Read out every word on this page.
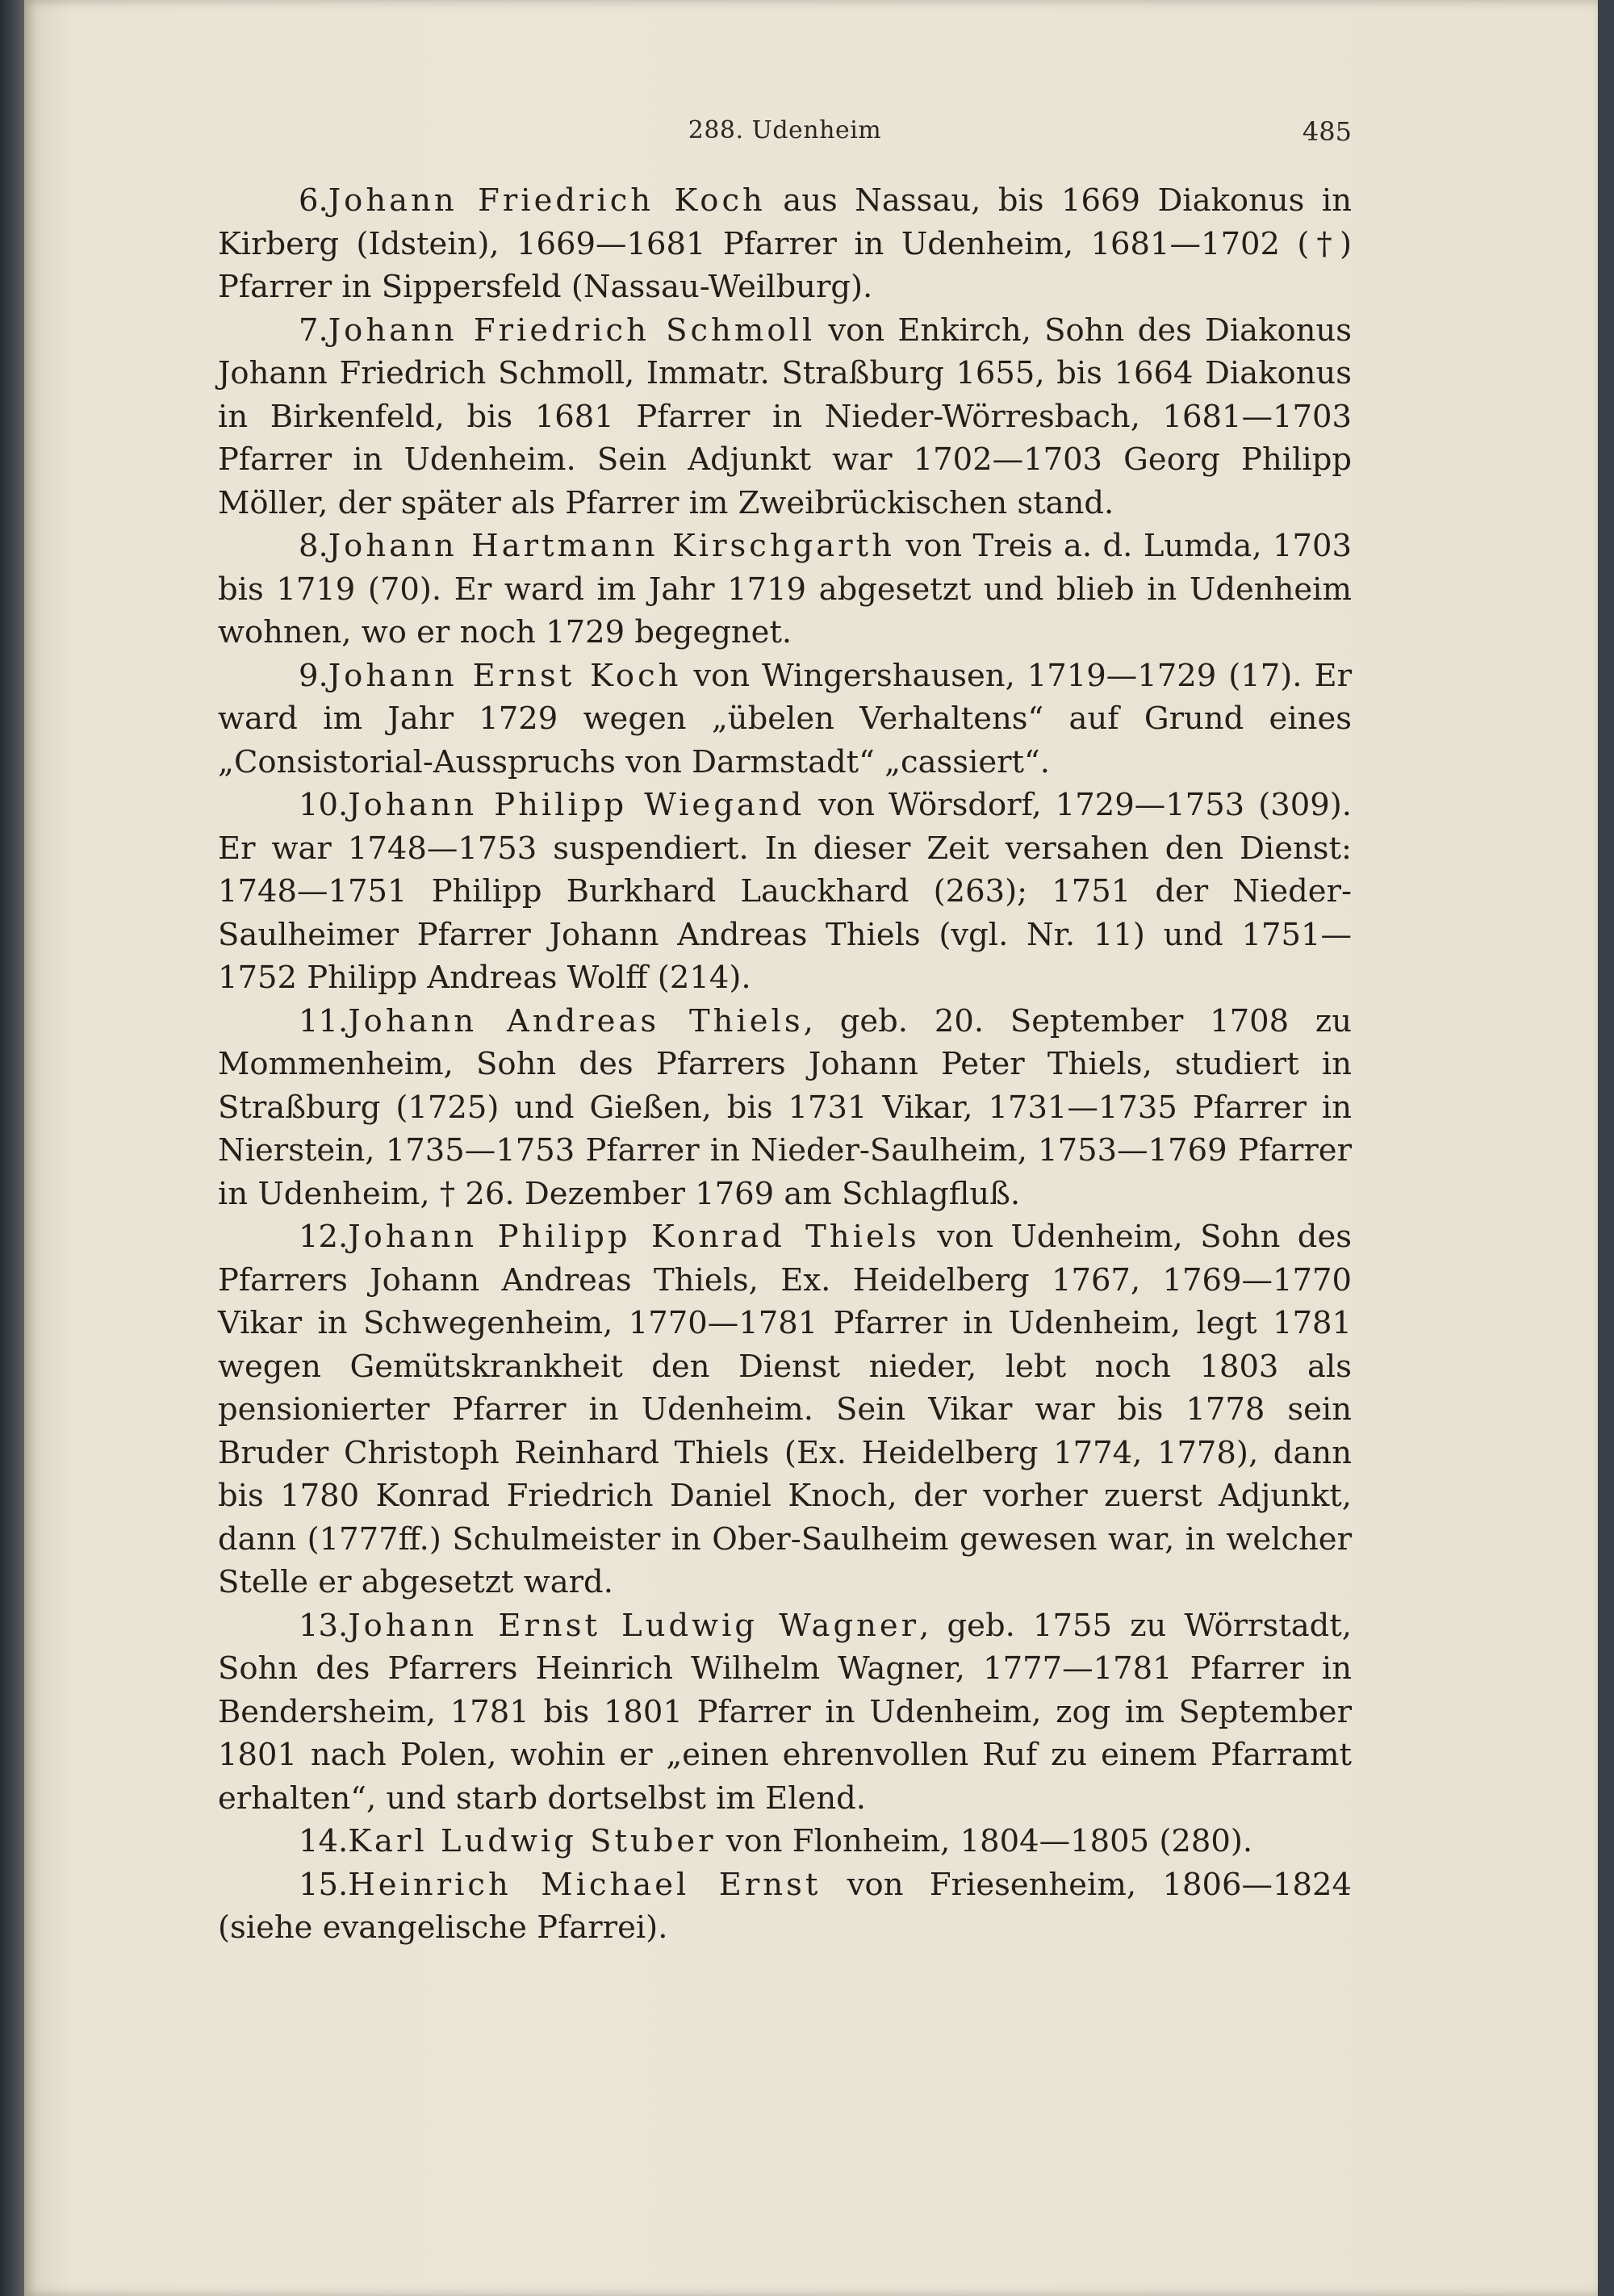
288. Udenheim	485

6.Johann Friedrich Koch aus Nassau, bis 1669 Diakonus in Kirberg (Idstein), 1669—1681 Pfarrer in Udenheim, 1681—1702 (†) Pfarrer in Sippersfeld (Nassau-Weilburg).

7.Johann Friedrich Schmoll von Enkirch, Sohn des Diakonus Johann Friedrich Schmoll, Immatr. Straßburg 1655, bis 1664 Diakonus in Birkenfeld, bis 1681 Pfarrer in Nieder-Wörresbach, 1681—1703 Pfarrer in Udenheim. Sein Adjunkt war 1702—1703 Georg Philipp Möller, der später als Pfarrer im Zweibrückischen stand.

8.Johann Hartmann Kirschgarth von Treis a. d. Lumda, 1703 bis 1719 (70). Er ward im Jahr 1719 abgesetzt und blieb in Udenheim wohnen, wo er noch 1729 begegnet.

9.Johann Ernst Koch von Wingershausen, 1719—1729 (17). Er ward im Jahr 1729 wegen „übelen Verhaltens“ auf Grund eines „Consistorial-Ausspruchs von Darmstadt“ „cassiert“.

10.Johann Philipp Wiegand von Wörsdorf, 1729—1753 (309). Er war 1748—1753 suspendiert. In dieser Zeit versahen den Dienst: 1748—1751 Philipp Burkhard Lauckhard (263); 1751 der Nieder-Saulheimer Pfarrer Johann Andreas Thiels (vgl. Nr. 11) und 1751—1752 Philipp Andreas Wolff (214).

11.Johann Andreas Thiels, geb. 20. September 1708 zu Mommenheim, Sohn des Pfarrers Johann Peter Thiels, studiert in Straßburg (1725) und Gießen, bis 1731 Vikar, 1731—1735 Pfarrer in Nierstein, 1735—1753 Pfarrer in Nieder-Saulheim, 1753—1769 Pfarrer in Udenheim, † 26. Dezember 1769 am Schlagfluß.

12.Johann Philipp Konrad Thiels von Udenheim, Sohn des Pfarrers Johann Andreas Thiels, Ex. Heidelberg 1767, 1769—1770 Vikar in Schwegenheim, 1770—1781 Pfarrer in Udenheim, legt 1781 wegen Gemütskrankheit den Dienst nieder, lebt noch 1803 als pensionierter Pfarrer in Udenheim. Sein Vikar war bis 1778 sein Bruder Christoph Reinhard Thiels (Ex. Heidelberg 1774, 1778), dann bis 1780 Konrad Friedrich Daniel Knoch, der vorher zuerst Adjunkt, dann (1777ff.) Schulmeister in Ober-Saulheim gewesen war, in welcher Stelle er abgesetzt ward.

13.Johann Ernst Ludwig Wagner, geb. 1755 zu Wörrstadt, Sohn des Pfarrers Heinrich Wilhelm Wagner, 1777—1781 Pfarrer in Bendersheim, 1781 bis 1801 Pfarrer in Udenheim, zog im September 1801 nach Polen, wohin er „einen ehrenvollen Ruf zu einem Pfarramt erhalten“, und starb dortselbst im Elend.

14.Karl Ludwig Stuber von Flonheim, 1804—1805 (280).

15.Heinrich Michael Ernst von Friesenheim, 1806—1824 (siehe evangelische Pfarrei).
